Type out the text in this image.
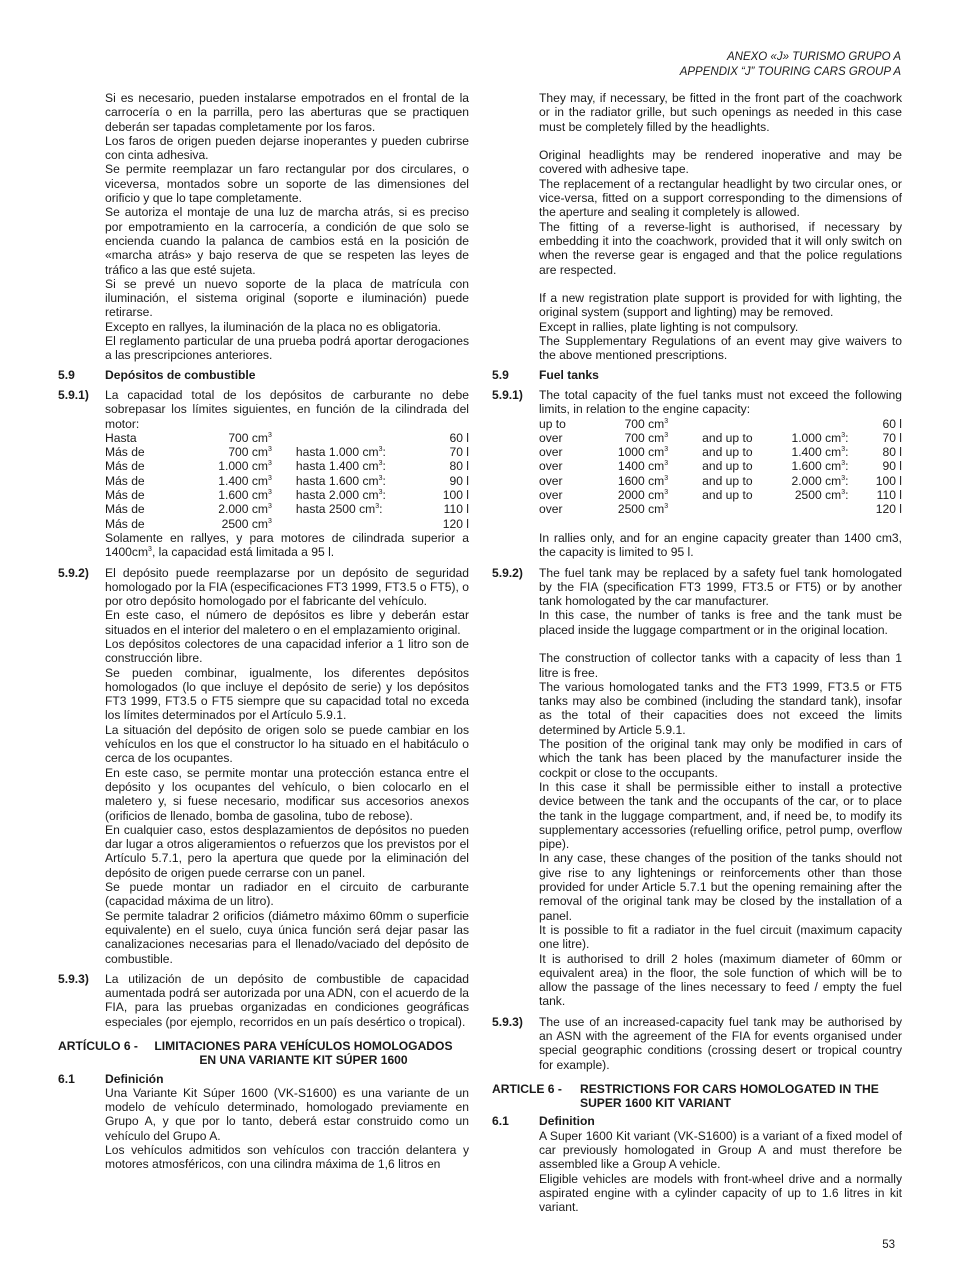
ANEXO «J» TURISMO GRUPO A
APPENDIX “J” TOURING CARS GROUP A

Si es necesario, pueden instalarse empotrados en el frontal de la carrocería o en la parrilla, pero las aberturas que se practiquen deberán ser tapadas completamente por los faros.

Los faros de origen pueden dejarse inoperantes y pueden cubrirse con cinta adhesiva.

Se permite reemplazar un faro rectangular por dos circulares, o viceversa, montados sobre un soporte de las dimensiones del orificio y que lo tape completamente.

Se autoriza el montaje de una luz de marcha atrás, si es preciso por empotramiento en la carrocería, a condición de que solo se encienda cuando la palanca de cambios está en la posición de «marcha atrás» y bajo reserva de que se respeten las leyes de tráfico a las que esté sujeta.

Si se prevé un nuevo soporte de la placa de matrícula con iluminación, el sistema original (soporte e iluminación) puede retirarse.

Excepto en rallyes, la iluminación de la placa no es obligatoria.

El reglamento particular de una prueba podrá aportar derogaciones a las prescripciones anteriores.

5.9	Depósitos de combustible
5.9.1)	La capacidad total de los depósitos de carburante no debe sobrepasar los límites siguientes, en función de la cilindrada del motor:

Hasta	700 $cm^3$		60 l
Más de	700 $cm^3$	hasta 1.000 $cm^3$:	70 l
Más de	1.000 $cm^3$	hasta 1.400 $cm^3$:	80 l
Más de	1.400 $cm^3$	hasta 1.600 $cm^3$:	90 l
Más de	1.600 $cm^3$	hasta 2.000 $cm^3$:	100 l
Más de	2.000 $cm^3$	hasta 2500 $cm^3$:	110 l
Más de	2500 $cm^3$		120 l

Solamente en rallyes, y para motores de cilindrada superior a $1400cm^3$, la capacidad está limitada a 95 l.

5.9.2)	El depósito puede reemplazarse por un depósito de seguridad homologado por la FIA (especificaciones FT3 1999, FT3.5 o FT5), o por otro depósito homologado por el fabricante del vehículo.

En este caso, el número de depósitos es libre y deberán estar situados en el interior del maletero o en el emplazamiento original.

Los depósitos colectores de una capacidad inferior a 1 litro son de construcción libre.

Se pueden combinar, igualmente, los diferentes depósitos homologados (lo que incluye el depósito de serie) y los depósitos FT3 1999, FT3.5 o FT5 siempre que su capacidad total no exceda los límites determinados por el Artículo 5.9.1.

La situación del depósito de origen solo se puede cambiar en los vehículos en los que el constructor lo ha situado en el habitáculo o cerca de los ocupantes.

En este caso, se permite montar una protección estanca entre el depósito y los ocupantes del vehículo, o bien colocarlo en el maletero y, si fuese necesario, modificar sus accesorios anexos (orificios de llenado, bomba de gasolina, tubo de rebose).

En cualquier caso, estos desplazamientos de depósitos no pueden dar lugar a otros aligeramientos o refuerzos que los previstos por el Artículo 5.7.1, pero la apertura que quede por la eliminación del depósito de origen puede cerrarse con un panel.

Se puede montar un radiador en el circuito de carburante (capacidad máxima de un litro).

Se permite taladrar 2 orificios (diámetro máximo 60mm o superficie equivalente) en el suelo, cuya única función será dejar pasar las canalizaciones necesarias para el llenado/vaciado del depósito de combustible.

5.9.3)	La utilización de un depósito de combustible de capacidad aumentada podrá ser autorizada por una ADN, con el acuerdo de la FIA, para las pruebas organizadas en condiciones geográficas especiales (por ejemplo, recorridos en un país desértico o tropical).

ARTÍCULO 6 -	LIMITACIONES PARA VEHÍCULOS HOMOLOGADOS
EN UNA VARIANTE KIT SÚPER 1600
6.1	Definición

Una Variante Kit Súper 1600 (VK-S1600) es una variante de un modelo de vehículo determinado, homologado previamente en Grupo A, y que por lo tanto, deberá estar construido como un vehículo del Grupo A.

Los vehículos admitidos son vehículos con tracción delantera y motores atmosféricos, con una cilindra máxima de 1,6 litros en

They may, if necessary, be fitted in the front part of the coachwork or in the radiator grille, but such openings as needed in this case must be completely filled by the headlights.

Original headlights may be rendered inoperative and may be covered with adhesive tape.

The replacement of a rectangular headlight by two circular ones, or vice-versa, fitted on a support corresponding to the dimensions of the aperture and sealing it completely is allowed.

The fitting of a reverse-light is authorised, if necessary by embedding it into the coachwork, provided that it will only switch on when the reverse gear is engaged and that the police regulations are respected.

If a new registration plate support is provided for with lighting, the original system (support and lighting) may be removed.

Except in rallies, plate lighting is not compulsory.

The Supplementary Regulations of an event may give waivers to the above mentioned prescriptions.

5.9	Fuel tanks
5.9.1)	The total capacity of the fuel tanks must not exceed the following limits, in relation to the engine capacity:

up to	700 $cm^3$			60 l
over	700 $cm^3$	and up to	1.000 $cm^3$:	70 l
over	1000 $cm^3$	and up to	1.400 $cm^3$:	80 l
over	1400 $cm^3$	and up to	1.600 $cm^3$:	90 l
over	1600 $cm^3$	and up to	2.000 $cm^3$:	100 l
over	2000 $cm^3$	and up to	2500 $cm^3$:	110 l
over	2500 $cm^3$			120 l

In rallies only, and for an engine capacity greater than 1400 cm3, the capacity is limited to 95 l.

5.9.2)	The fuel tank may be replaced by a safety fuel tank homologated by the FIA (specification FT3 1999, FT3.5 or FT5) or by another tank homologated by the car manufacturer.

In this case, the number of tanks is free and the tank must be placed inside the luggage compartment or in the original location.

The construction of collector tanks with a capacity of less than 1 litre is free.

The various homologated tanks and the FT3 1999, FT3.5 or FT5 tanks may also be combined (including the standard tank), insofar as the total of their capacities does not exceed the limits determined by Article 5.9.1.

The position of the original tank may only be modified in cars of which the tank has been placed by the manufacturer inside the cockpit or close to the occupants.

In this case it shall be permissible either to install a protective device between the tank and the occupants of the car, or to place the tank in the luggage compartment, and, if need be, to modify its supplementary accessories (refuelling orifice, petrol pump, overflow pipe).

In any case, these changes of the position of the tanks should not give rise to any lightenings or reinforcements other than those provided for under Article 5.7.1 but the opening remaining after the removal of the original tank may be closed by the installation of a panel.

It is possible to fit a radiator in the fuel circuit (maximum capacity one litre).

It is authorised to drill 2 holes (maximum diameter of 60mm or equivalent area) in the floor, the sole function of which will be to allow the passage of the lines necessary to feed / empty the fuel tank.

5.9.3)	The use of an increased-capacity fuel tank may be authorised by an ASN with the agreement of the FIA for events organised under special geographic conditions (crossing desert or tropical country for example).

ARTICLE 6 -	RESTRICTIONS FOR CARS HOMOLOGATED IN THE
SUPER 1600 KIT VARIANT
6.1	Definition

A Super 1600 Kit variant (VK-S1600) is a variant of a fixed model of car previously homologated in Group A and must therefore be assembled like a Group A vehicle.

Eligible vehicles are models with front-wheel drive and a normally aspirated engine with a cylinder capacity of up to 1.6 litres in kit variant.

53
